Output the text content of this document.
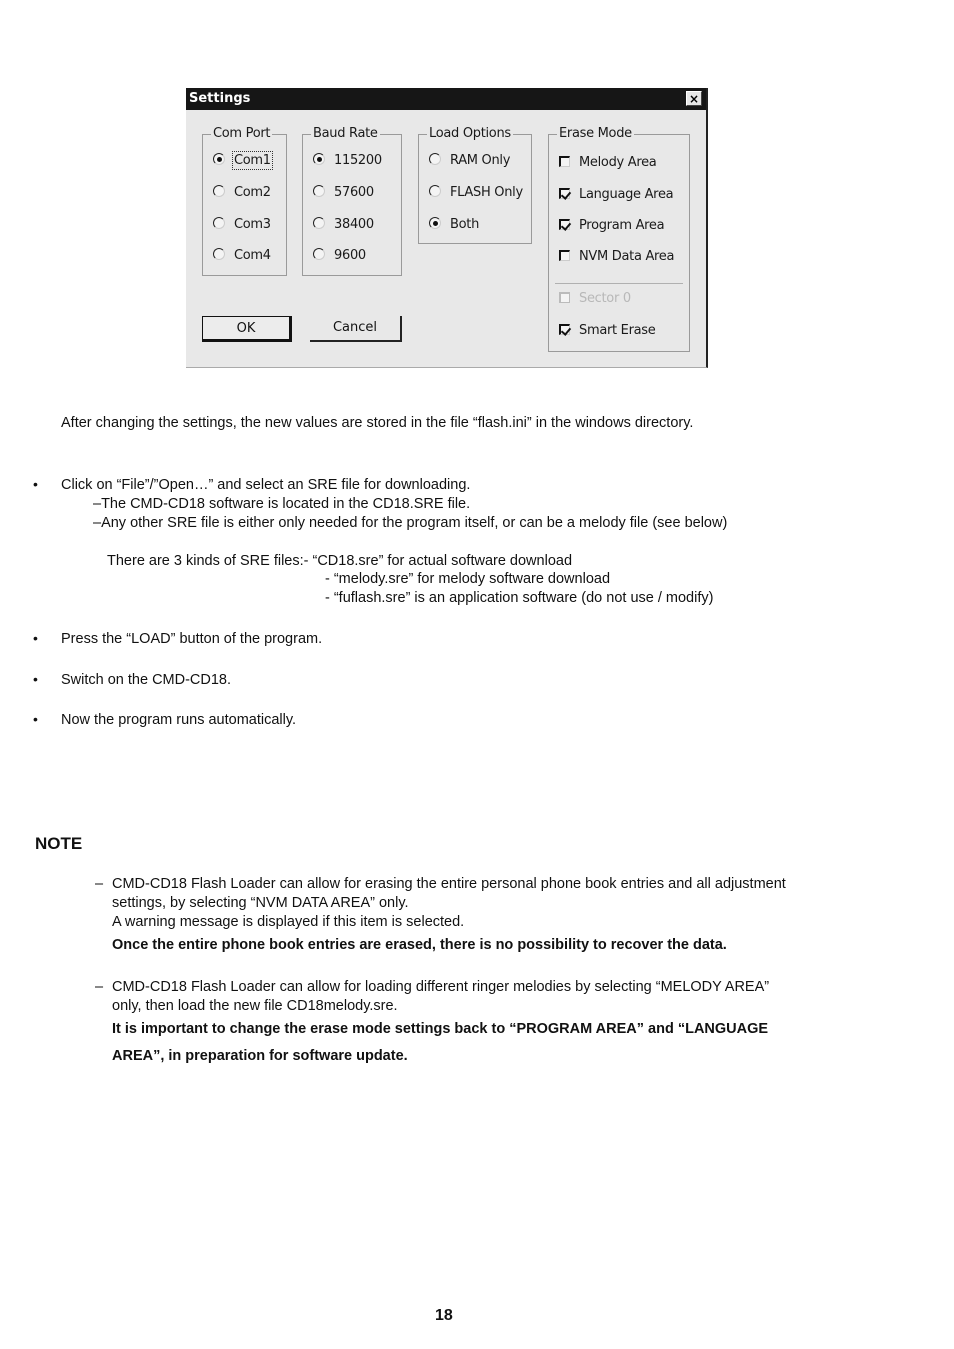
Settings	×
Com Port
Com1
Com2
Com3
Com4
Baud Rate
115200
57600
38400
9600
Load Options
RAM Only
FLASH Only
Both
Erase Mode
Melody Area
Language Area
Program Area
NVM Data Area
Sector 0
Smart Erase
OK	Cancel
After changing the settings, the new values are stored in the file “flash.ini” in the windows directory.
• Click on “File”/”Open…” and select an SRE file for downloading.
–The CMD-CD18 software is located in the CD18.SRE file.
–Any other SRE file is either only needed for the program itself, or can be a melody file (see below)
There are 3 kinds of SRE files:- “CD18.sre” for actual software download
- “melody.sre” for melody software download
- “fuflash.sre” is an application software (do not use / modify)
• Press the “LOAD” button of the program.
• Switch on the CMD-CD18.
• Now the program runs automatically.
NOTE
– CMD-CD18 Flash Loader can allow for erasing the entire personal phone book entries and all adjustment
settings, by selecting “NVM DATA AREA” only.
A warning message is displayed if this item is selected.
Once the entire phone book entries are erased, there is no possibility to recover the data.
– CMD-CD18 Flash Loader can allow for loading different ringer melodies by selecting “MELODY AREA”
only, then load the new file CD18melody.sre.
It is important to change the erase mode settings back to “PROGRAM AREA” and “LANGUAGE
AREA”, in preparation for software update.
18
